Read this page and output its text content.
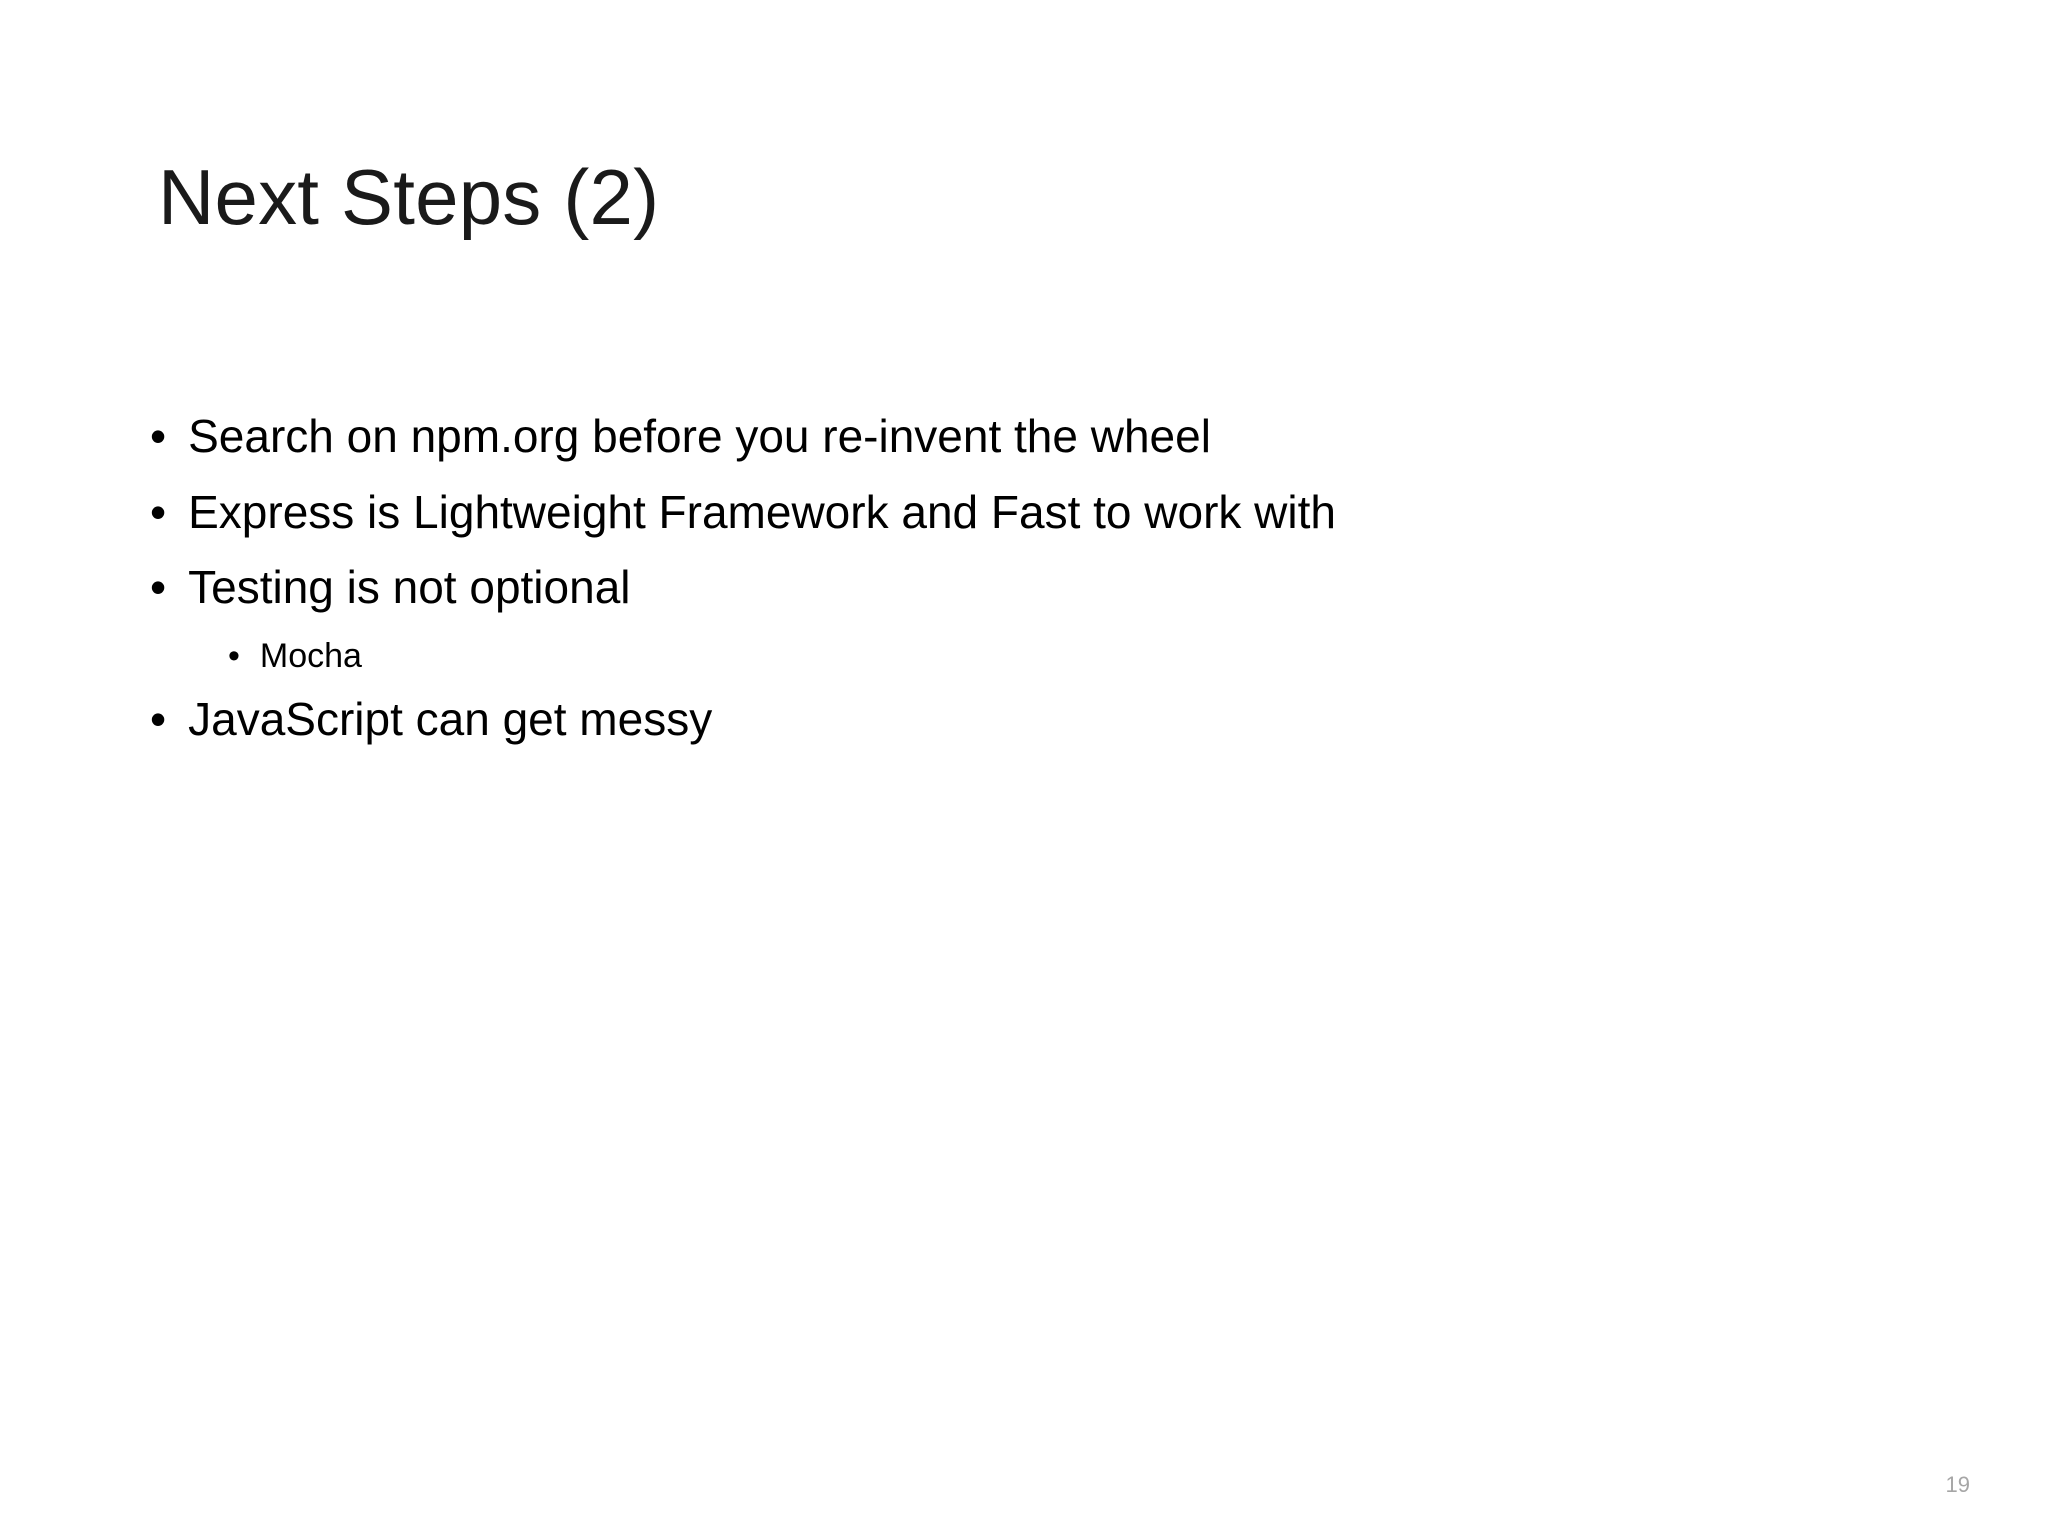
Next Steps (2)
• Search on npm.org before you re-invent the wheel
• Express is Lightweight Framework and Fast to work with
• Testing is not optional
• Mocha
• JavaScript can get messy
19
